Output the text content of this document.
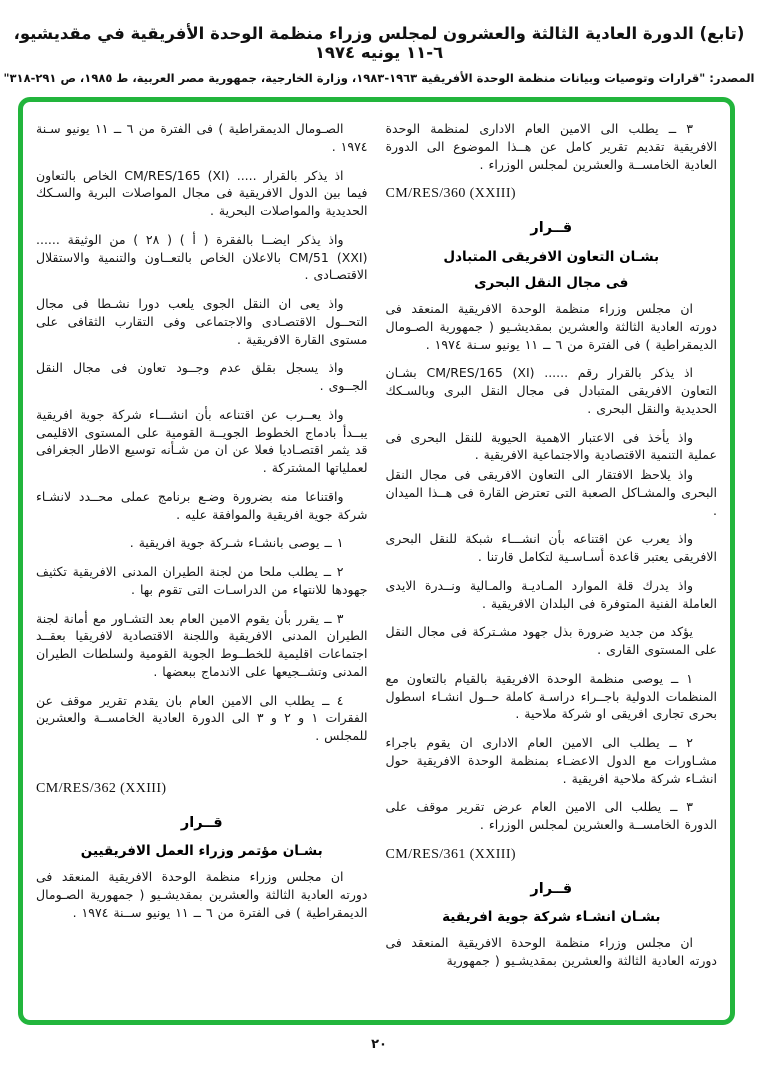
(تابع) الدورة العادية الثالثة والعشرون لمجلس وزراء منظمة الوحدة الأفريقية في مقديشيو، ٦-١١ يونيه ١٩٧٤
المصدر: "قرارات وتوصيات وبيانات منظمة الوحدة الأفريقية ١٩٦٣-١٩٨٣، وزارة الخارجية، جمهورية مصر العربية، ط ١٩٨٥، ص ٢٩١-٣١٨"

٣ ــ يطلب الى الامين العام الادارى لمنظمة الوحدة الافريقية تقديم تقرير كامل عن هــذا الموضوع الى الدورة العادية الخامســة والعشرين لمجلس الوزراء .

CM/RES/360 (XXIII)

قــرار

بشـان التعاون الافريقى المتبادل

فى مجال النقل البحرى

ان مجلس وزراء منظمة الوحدة الافريقية المنعقد فى دورته العادية الثالثة والعشرين بمقديشـيو ( جمهورية الصـومال الديمقراطية ) فى الفترة من ٦ ــ ١١ يونيو سـنة ١٩٧٤ .

اذ يذكر بالقرار رقم ...... ‎CM/RES/165 (XI)‎ بشـان التعاون الافريقى المتبادل فى مجال النقل البرى وبالسـكك الحديدية والنقل البحرى .

واذ يأخذ فى الاعتبار الاهمية الحيوية للنقل البحرى فى عملية التنمية الاقتصادية والاجتماعية الافريقية .

واذ يلاحظ الافتقار الى التعاون الافريقى فى مجال النقل البحرى والمشـاكل الصعبة التى تعترض القارة فى هــذا الميدان .

واذ يعرب عن اقتناعه بأن انشـــاء شبكة للنقل البحرى الافريقى يعتبر قاعدة أسـاسـية لتكامل قارتنا .

واذ يدرك قلة الموارد المـاديـة والمـالية ونــدرة الايدى العاملة الفنية المتوفرة فى البلدان الافريقية .

يؤكد من جديد ضرورة بذل جهود مشـتركة فى مجال النقل على المستوى القارى .

١ ــ يوصى منظمة الوحدة الافريقية بالقيام بالتعاون مع المنظمات الدولية باجــراء دراسـة كاملة حــول انشـاء اسطول بحرى تجارى افريقى او شركة ملاحية .

٢ ــ يطلب الى الامين العام الادارى ان يقوم باجراء مشـاورات مع الدول الاعضـاء بمنظمة الوحدة الافريقية حول انشـاء شركة ملاحية افريقية .

٣ ــ يطلب الى الامين العام عرض تقرير موقف على الدورة الخامســة والعشرين لمجلس الوزراء .

CM/RES/361 (XXIII)

قــرار

بشـان انشـاء شركة جوية افريقية

ان مجلس وزراء منظمة الوحدة الافريقية المنعقد فى دورته العادية الثالثة والعشرين بمقديشـيو ( جمهورية

الصـومال الديمقراطية ) فى الفترة من ٦ ــ ١١ يونيو سـنة ١٩٧٤ .

اذ يذكر بالقرار ..... ‎CM/RES/165 (XI)‎ الخاص بالتعاون فيما بين الدول الافريقية فى مجال المواصلات البرية والسـكك الحديدية والمواصلات البحرية .

واذ يذكر ايضــا بالفقرة ( أ ) ( ٢٨ ) من الوثيقة ...... ‎CM/51 (XXI)‎ بالاعلان الخاص بالتعــاون والتنمية والاستقلال الاقتصـادى .

واذ يعى ان النقل الجوى يلعب دورا نشـطا فى مجال التحــول الاقتصـادى والاجتماعى وفى التقارب الثقافى على مستوى القارة الافريقية .

واذ يسجل بقلق عدم وجــود تعاون فى مجال النقل الجــوى .

واذ يعــرب عن اقتناعه بأن انشـــاء شركة جوية افريقية يبــدأ بادماج الخطوط الجويــة القومية على المستوى الاقليمى قد يثمر اقتصـاديا فعلا عن ان من شـأنه توسيع الاطار الجغرافى لعملياتها المشتركة .

واقتناعا منه بضرورة وضـع برنامج عملى محــدد لانشـاء شركة جوية افريقية والموافقة عليه .

١ ــ يوصى بانشـاء شـركة جوية افريقية .

٢ ــ يطلب ملحا من لجنة الطيران المدنى الافريقية تكثيف جهودها للانتهاء من الدراسـات التى تقوم بها .

٣ ــ يقرر بأن يقوم الامين العام بعد التشـاور مع أمانة لجنة الطيران المدنى الافريقية واللجنة الاقتصادية لافريقيا بعقــد اجتماعات اقليمية للخطــوط الجوية القومية ولسلطات الطيران المدنى وتشــجيعها على الاندماج ببعضها .

٤ ــ يطلب الى الامين العام بان يقدم تقرير موقف عن الفقرات ١ و ٢ و ٣ الى الدورة العادية الخامســة والعشرين للمجلس .

CM/RES/362 (XXIII)

قــرار

بشـان مؤتمر وزراء العمل الافريقيين

ان مجلس وزراء منظمة الوحدة الافريقية المنعقد فى دورته العادية الثالثة والعشرين بمقديشـيو ( جمهورية الصـومال الديمقراطية ) فى الفترة من ٦ ــ ١١ يونيو ســنة ١٩٧٤ .

٢٠
